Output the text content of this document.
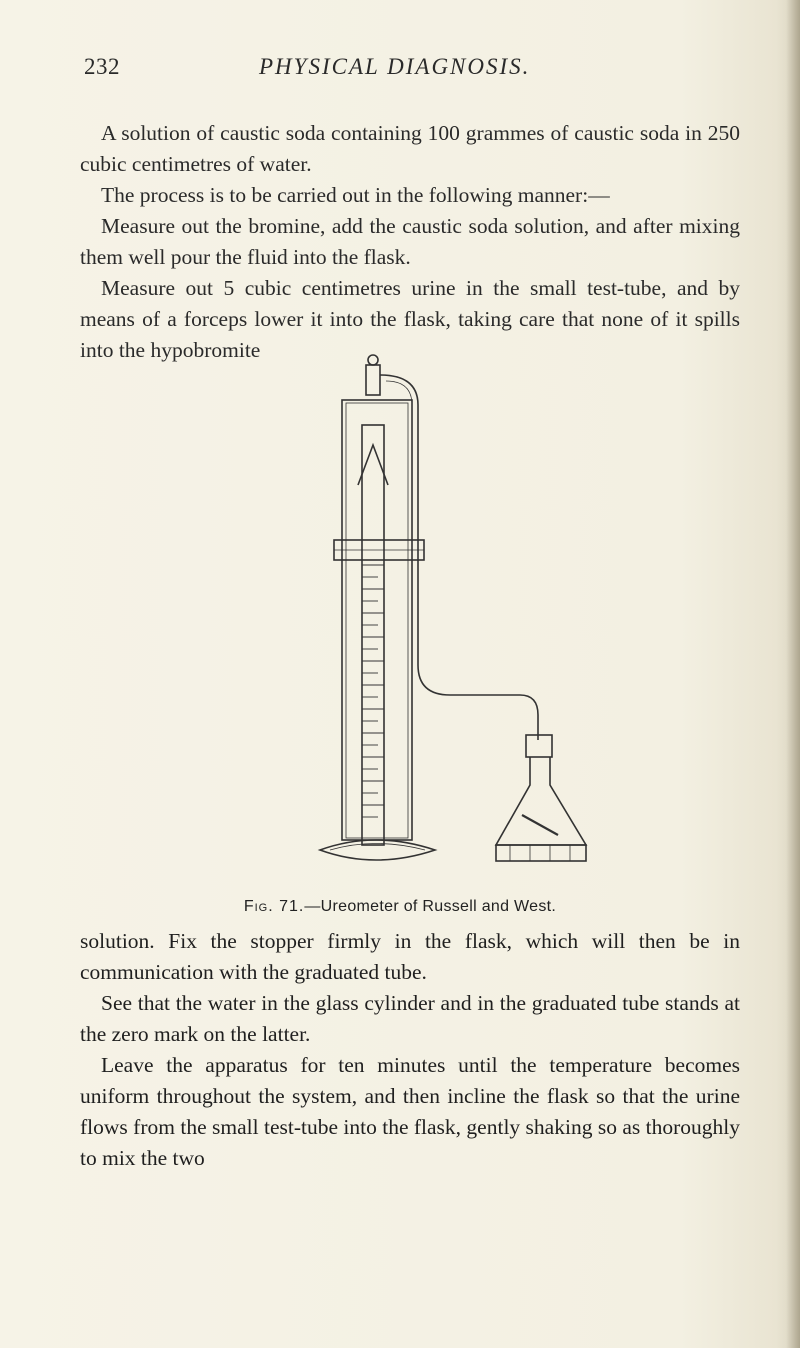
232	PHYSICAL DIAGNOSIS.

A solution of caustic soda containing 100 grammes of caustic soda in 250 cubic centimetres of water.

The process is to be carried out in the following manner:—

Measure out the bromine, add the caustic soda solution, and after mixing them well pour the fluid into the flask.

Measure out 5 cubic centimetres urine in the small test-tube, and by means of a forceps lower it into the flask, taking care that none of it spills into the hypobromite

Fig. 71.—Ureometer of Russell and West.

solution. Fix the stopper firmly in the flask, which will then be in communication with the graduated tube.

See that the water in the glass cylinder and in the graduated tube stands at the zero mark on the latter.

Leave the apparatus for ten minutes until the temperature becomes uniform throughout the system, and then incline the flask so that the urine flows from the small test-tube into the flask, gently shaking so as thoroughly to mix the two
